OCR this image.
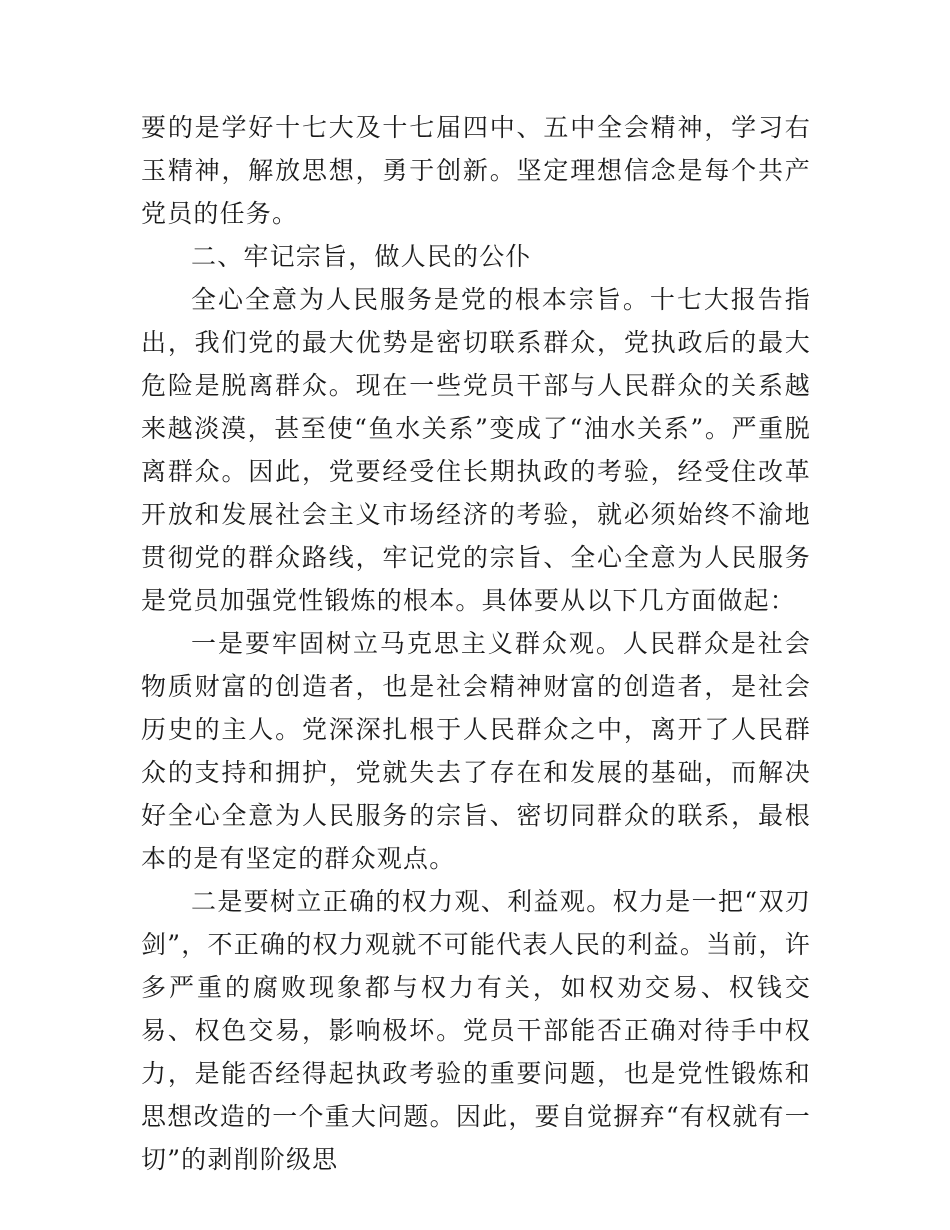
要的是学好十七大及十七届四中、五中全会精神，学习右玉精神，解放思想，勇于创新。坚定理想信念是每个共产党员的任务。

二、牢记宗旨，做人民的公仆

全心全意为人民服务是党的根本宗旨。十七大报告指出，我们党的最大优势是密切联系群众，党执政后的最大危险是脱离群众。现在一些党员干部与人民群众的关系越来越淡漠，甚至使“鱼水关系”变成了“油水关系”。严重脱离群众。因此，党要经受住长期执政的考验，经受住改革开放和发展社会主义市场经济的考验，就必须始终不渝地贯彻党的群众路线，牢记党的宗旨、全心全意为人民服务是党员加强党性锻炼的根本。具体要从以下几方面做起：

一是要牢固树立马克思主义群众观。人民群众是社会物质财富的创造者，也是社会精神财富的创造者，是社会历史的主人。党深深扎根于人民群众之中，离开了人民群众的支持和拥护，党就失去了存在和发展的基础，而解决好全心全意为人民服务的宗旨、密切同群众的联系，最根本的是有坚定的群众观点。

二是要树立正确的权力观、利益观。权力是一把“双刃剑”，不正确的权力观就不可能代表人民的利益。当前，许多严重的腐败现象都与权力有关，如权劝交易、权钱交易、权色交易，影响极坏。党员干部能否正确对待手中权力，是能否经得起执政考验的重要问题，也是党性锻炼和思想改造的一个重大问题。因此，要自觉摒弃“有权就有一切”的剥削阶级思
